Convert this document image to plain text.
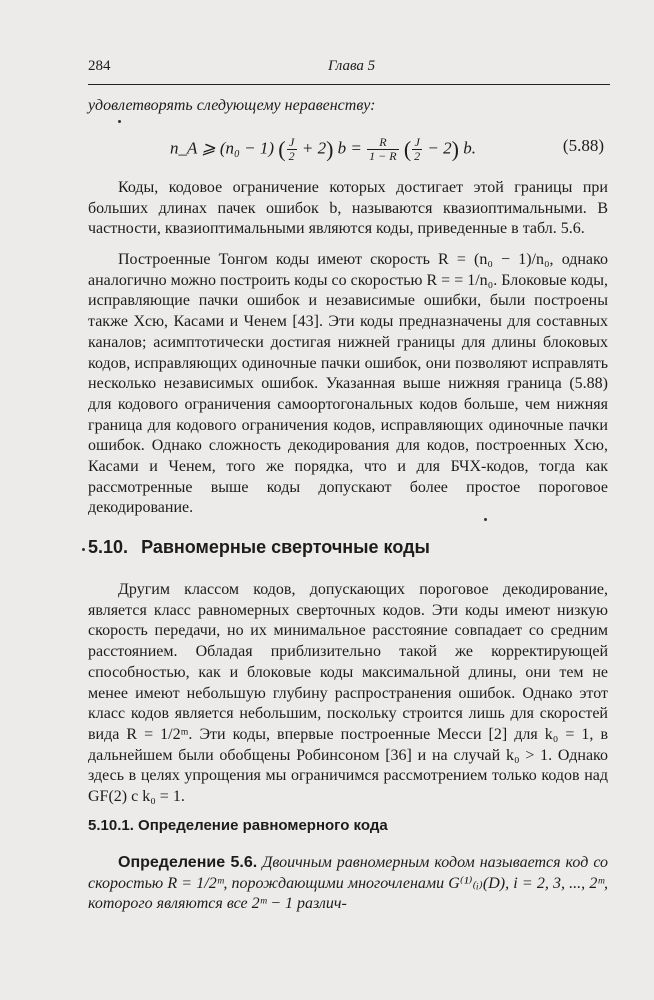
284	Глава 5

удовлетворять следующему неравенству:

n_A ⩾ (n₀ − 1) ( $\frac{J}{2} + 2$) $b = \frac{R}{1 - R}$ ( $\frac{J}{2} - 2$) b.	(5.88)

Коды, кодовое ограничение которых достигает этой границы при больших длинах пачек ошибок b, называются квазиоптимальными. В частности, квазиоптимальными являются коды, приведенные в табл. 5.6.

Построенные Тонгом коды имеют скорость R = (n₀ − 1)/n₀, однако аналогично можно построить коды со скоростью R = = 1/n₀. Блоковые коды, исправляющие пачки ошибок и независимые ошибки, были построены также Хсю, Касами и Ченем [43]. Эти коды предназначены для составных каналов; асимптотически достигая нижней границы для длины блоковых кодов, исправляющих одиночные пачки ошибок, они позволяют исправлять несколько независимых ошибок. Указанная выше нижняя граница (5.88) для кодового ограничения самоортогональных кодов больше, чем нижняя граница для кодового ограничения кодов, исправляющих одиночные пачки ошибок. Однако сложность декодирования для кодов, построенных Хсю, Касами и Ченем, того же порядка, что и для БЧХ-кодов, тогда как рассмотренные выше коды допускают более простое пороговое декодирование.

5.10. Равномерные сверточные коды

Другим классом кодов, допускающих пороговое декодирование, является класс равномерных сверточных кодов. Эти коды имеют низкую скорость передачи, но их минимальное расстояние совпадает со средним расстоянием. Обладая приблизительно такой же корректирующей способностью, как и блоковые коды максимальной длины, они тем не менее имеют небольшую глубину распространения ошибок. Однако этот класс кодов является небольшим, поскольку строится лишь для скоростей вида R = 1/2ᵐ. Эти коды, впервые построенные Месси [2] для k₀ = 1, в дальнейшем были обобщены Робинсоном [36] и на случай k₀ > 1. Однако здесь в целях упрощения мы ограничимся рассмотрением только кодов над GF(2) с k₀ = 1.

5.10.1. Определение равномерного кода

Определение 5.6. Двоичным равномерным кодом называется код со скоростью R = 1/2ᵐ, порождающими многочленами G⁽¹⁾₍ᵢ₎(D), i = 2, 3, ..., 2ᵐ, которого являются все 2ᵐ − 1 различ-
